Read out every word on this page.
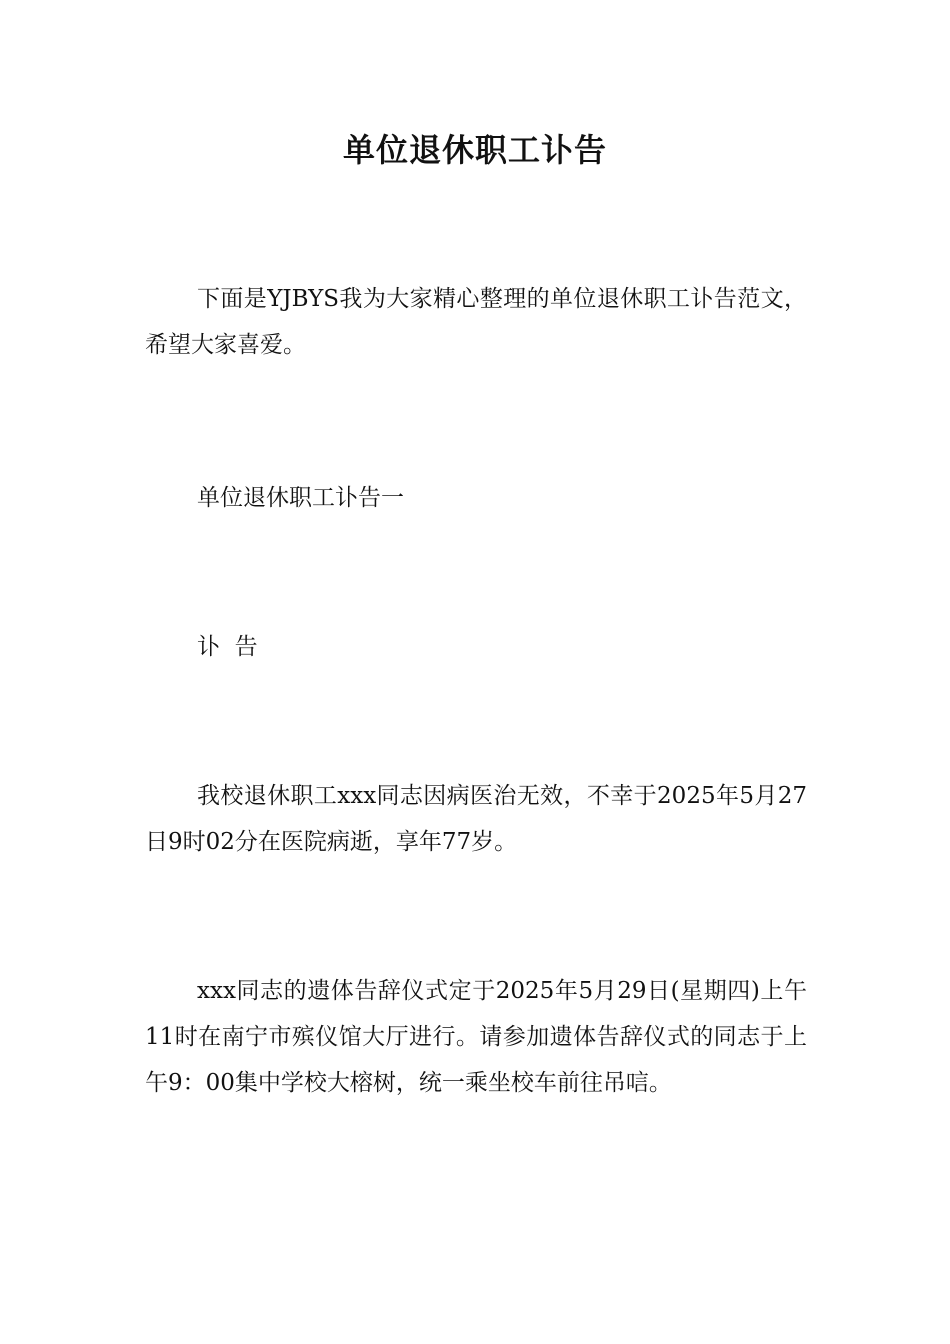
单位退休职工讣告

下面是YJBYS我为大家精心整理的单位退休职工讣告范文，希望大家喜爱。

单位退休职工讣告一

讣  告

我校退休职工xxx同志因病医治无效，不幸于2025年5月27日9时02分在医院病逝，享年77岁。

xxx同志的遗体告辞仪式定于2025年5月29日(星期四)上午11时在南宁市殡仪馆大厅进行。请参加遗体告辞仪式的同志于上午9：00集中学校大榕树，统一乘坐校车前往吊唁。
